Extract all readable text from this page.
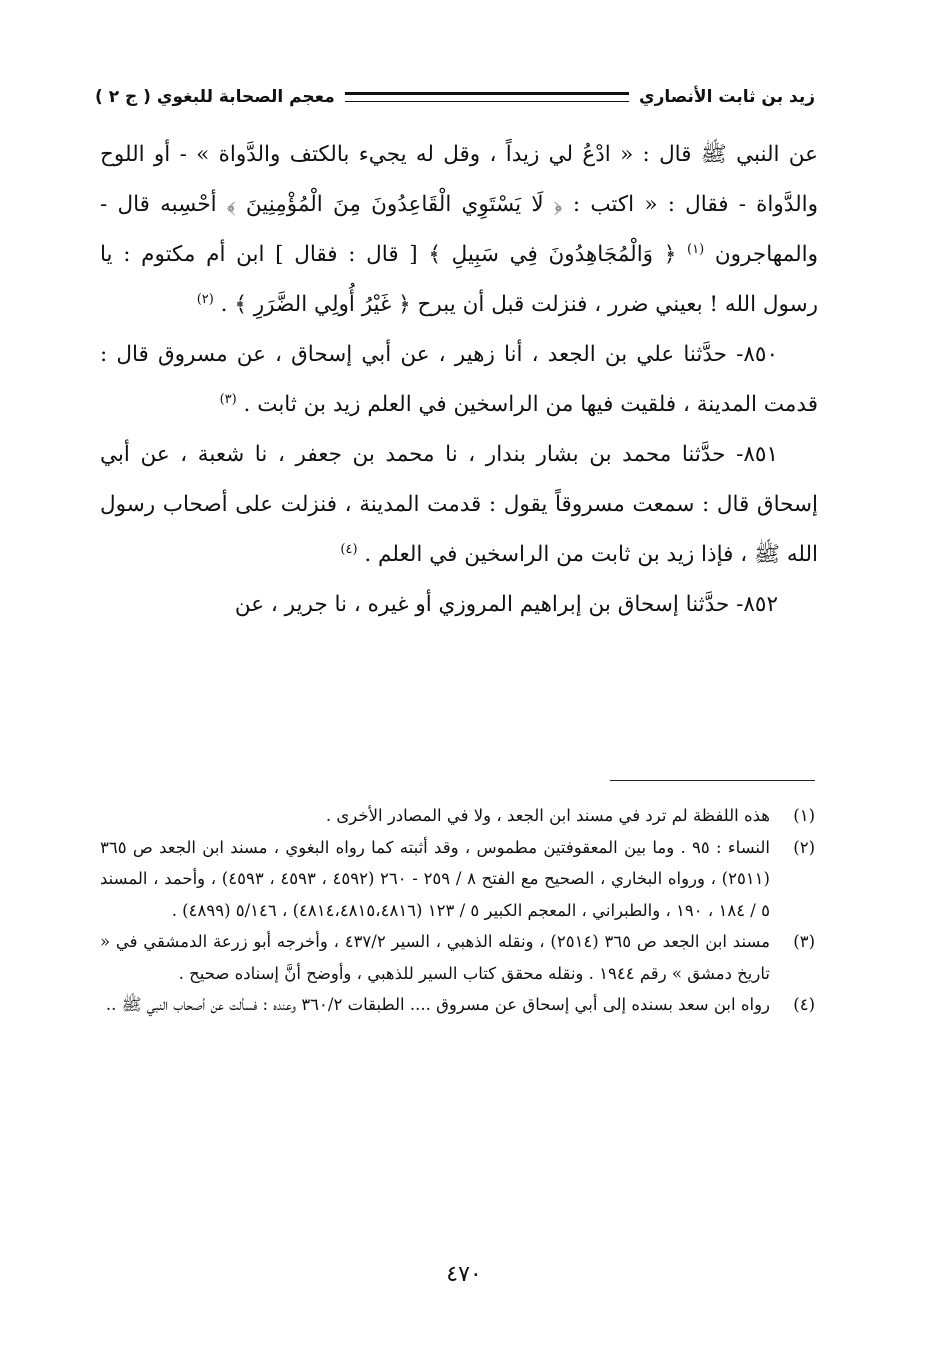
زيد بن ثابت الأنصاري
معجم الصحابة للبغوي ( ج ٢ )

عن النبي ﷺ قال : « ادْعُ لي زيداً ، وقل له يجيء بالكتف والدَّواة » - أو اللوح والدَّواة - فقال : « اكتب : ﴿ لَا يَسْتَوِي الْقَاعِدُونَ مِنَ الْمُؤْمِنِينَ ﴾ أحْسِبه قال - والمهاجرون $^{(١)}$ ﴿ وَالْمُجَاهِدُونَ فِي سَبِيلِ ﴾ [ قال : فقال ] ابن أم مكتوم : يا رسول الله ! بعيني ضرر ، فنزلت قبل أن يبرح ﴿ غَيْرُ أُولِي الضَّرَرِ ﴾ . $^{(٢)}$

٨٥٠- حدَّثنا علي بن الجعد ، أنا زهير ، عن أبي إسحاق ، عن مسروق قال : قدمت المدينة ، فلقيت فيها من الراسخين في العلم زيد بن ثابت . $^{(٣)}$

٨٥١- حدَّثنا محمد بن بشار بندار ، نا محمد بن جعفر ، نا شعبة ، عن أبي إسحاق قال : سمعت مسروقاً يقول : قدمت المدينة ، فنزلت على أصحاب رسول الله ﷺ ، فإذا زيد بن ثابت من الراسخين في العلم . $^{(٤)}$

٨٥٢- حدَّثنا إسحاق بن إبراهيم المروزي أو غيره ، نا جرير ، عن

(١)
هذه اللفظة لم ترد في مسند ابن الجعد ، ولا في المصادر الأخرى .
(٢)
النساء : ٩٥ . وما بين المعقوفتين مطموس ، وقد أثبته كما رواه البغوي ، مسند ابن الجعد ص ٣٦٥ (٢٥١١) ، ورواه البخاري ، الصحيح مع الفتح ٨ / ٢٥٩ - ٢٦٠ (٤٥٩٢ ، ٤٥٩٣ ، ٤٥٩٣) ، وأحمد ، المسند ٥ / ١٨٤ ، ١٩٠ ، والطبراني ، المعجم الكبير ٥ / ١٢٣ (٤٨١٤،٤٨١٥،٤٨١٦) ، ٥/١٤٦ (٤٨٩٩) .
(٣)
مسند ابن الجعد ص ٣٦٥ (٢٥١٤) ، ونقله الذهبي ، السير ٤٣٧/٢ ، وأخرجه أبو زرعة الدمشقي في « تاريخ دمشق » رقم ١٩٤٤ . ونقله محقق كتاب السير للذهبي ، وأوضح أنَّ إسناده صحيح .
(٤)
رواه ابن سعد بسنده إلى أبي إسحاق عن مسروق .... الطبقات ٣٦٠/٢ وعنده : فسألت عن أصحاب النبي ﷺ ..
٤٧٠
